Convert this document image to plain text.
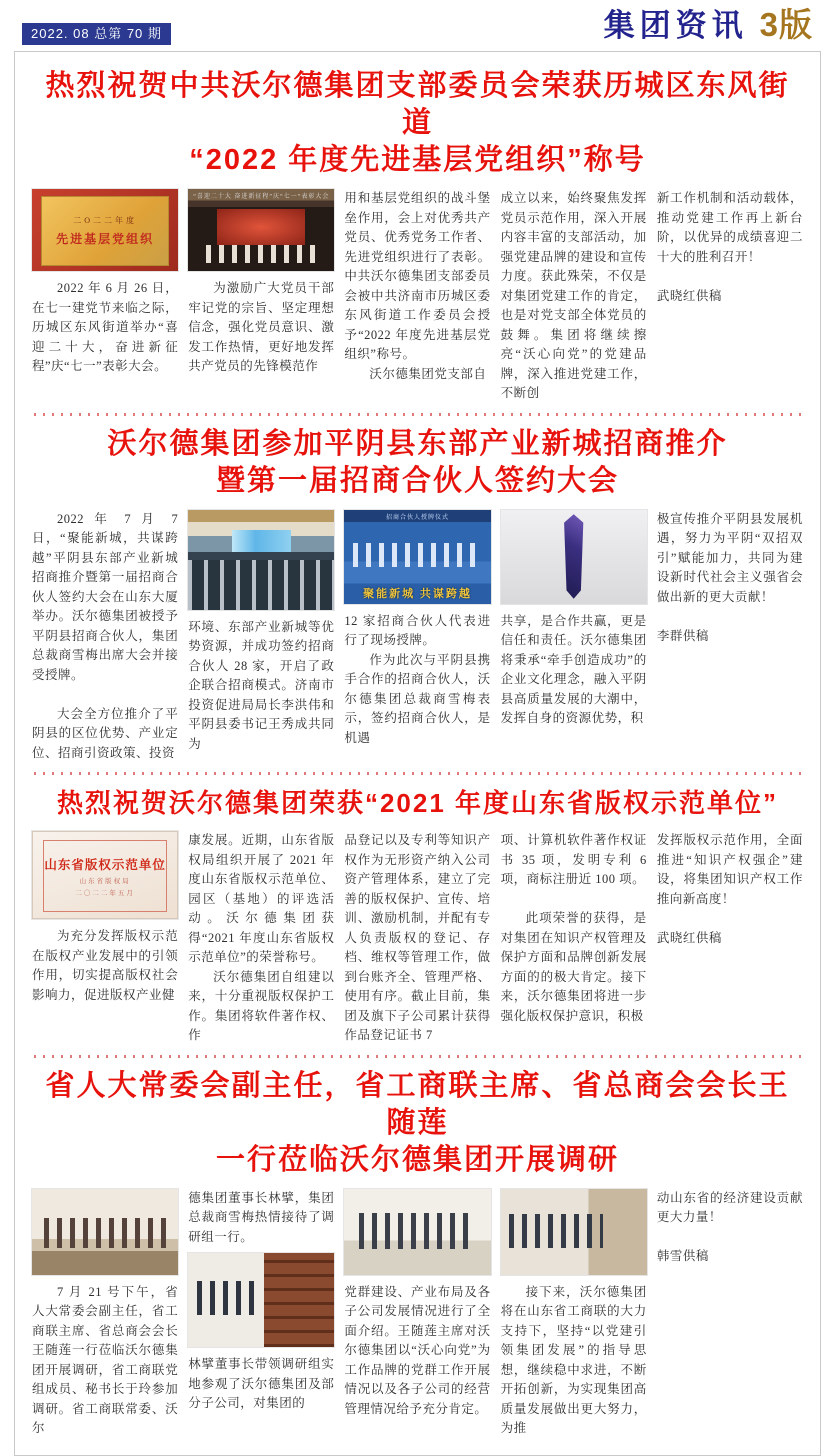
2022. 08 总第 70 期	集团资讯 3版
热烈祝贺中共沃尔德集团支部委员会荣获历城区东风街道
“2022 年度先进基层党组织”称号
二O二二年度
先进基层党组织

2022 年 6 月 26 日，在七一建党节来临之际，历城区东风街道举办“喜迎二十大，奋进新征程”庆“七一”表彰大会。

“喜迎二十大 奋进新征程”庆“七一”表彰大会

为激励广大党员干部牢记党的宗旨、坚定理想信念，强化党员意识、激发工作热情，更好地发挥共产党员的先锋模范作

用和基层党组织的战斗堡垒作用，会上对优秀共产党员、优秀党务工作者、先进党组织进行了表彰。中共沃尔德集团支部委员会被中共济南市历城区委东风街道工作委员会授予“2022 年度先进基层党组织”称号。

沃尔德集团党支部自

成立以来，始终聚焦发挥党员示范作用，深入开展内容丰富的支部活动，加强党建品牌的建设和宣传力度。获此殊荣，不仅是对集团党建工作的肯定，也是对党支部全体党员的鼓舞。集团将继续擦亮“沃心向党”的党建品牌，深入推进党建工作，不断创

新工作机制和活动载体，推动党建工作再上新台阶，以优异的成绩喜迎二十大的胜利召开！

武晓红供稿

沃尔德集团参加平阴县东部产业新城招商推介
暨第一届招商合伙人签约大会

2022 年 7 月 7 日，“聚能新城，共谋跨越”平阴县东部产业新城招商推介暨第一届招商合伙人签约大会在山东大厦举办。沃尔德集团被授予平阴县招商合伙人，集团总裁商雪梅出席大会并接受授牌。

大会全方位推介了平阴县的区位优势、产业定位、招商引资政策、投资

环境、东部产业新城等优势资源，并成功签约招商合伙人 28 家，开启了政企联合招商模式。济南市投资促进局局长李洪伟和平阴县委书记王秀成共同为

招商合伙人授牌仪式
聚能新城 共谋跨越

12 家招商合伙人代表进行了现场授牌。

作为此次与平阴县携手合作的招商合伙人，沃尔德集团总裁商雪梅表示，签约招商合伙人，是机遇

共享，是合作共赢，更是信任和责任。沃尔德集团将秉承“牵手创造成功”的企业文化理念，融入平阴县高质量发展的大潮中，发挥自身的资源优势，积

极宣传推介平阴县发展机遇，努力为平阴“双招双引”赋能加力，共同为建设新时代社会主义强省会做出新的更大贡献！

李群供稿

热烈祝贺沃尔德集团荣获“2021 年度山东省版权示范单位”
山东省版权示范单位
山东省版权局
二〇二二年五月

为充分发挥版权示范在版权产业发展中的引领作用，切实提高版权社会影响力，促进版权产业健

康发展。近期，山东省版权局组织开展了 2021 年度山东省版权示范单位、园区（基地）的评选活动。沃尔德集团获得“2021 年度山东省版权示范单位”的荣誉称号。

沃尔德集团自组建以来，十分重视版权保护工作。集团将软件著作权、作

品登记以及专利等知识产权作为无形资产纳入公司资产管理体系，建立了完善的版权保护、宣传、培训、激励机制，并配有专人负责版权的登记、存档、维权等管理工作，做到台账齐全、管理严格、使用有序。截止目前，集团及旗下子公司累计获得作品登记证书 7

项、计算机软件著作权证书 35 项，发明专利 6 项，商标注册近 100 项。

此项荣誉的获得，是对集团在知识产权管理及保护方面和品牌创新发展方面的的极大肯定。接下来，沃尔德集团将进一步强化版权保护意识，积极

发挥版权示范作用，全面推进“知识产权强企”建设，将集团知识产权工作推向新高度！

武晓红供稿

省人大常委会副主任，省工商联主席、省总商会会长王随莲
一行莅临沃尔德集团开展调研

7 月 21 号下午，省人大常委会副主任，省工商联主席、省总商会会长王随莲一行莅临沃尔德集团开展调研，省工商联党组成员、秘书长于玲参加调研。省工商联常委、沃尔

德集团董事长林擘，集团总裁商雪梅热情接待了调研组一行。

林擘董事长带领调研组实地参观了沃尔德集团及部分子公司，对集团的

党群建设、产业布局及各子公司发展情况进行了全面介绍。王随莲主席对沃尔德集团以“沃心向党”为工作品牌的党群工作开展情况以及各子公司的经营管理情况给予充分肯定。

接下来，沃尔德集团将在山东省工商联的大力支持下，坚持“以党建引领集团发展”的指导思想，继续稳中求进，不断开拓创新，为实现集团高质量发展做出更大努力，为推

动山东省的经济建设贡献更大力量！

韩雪供稿
